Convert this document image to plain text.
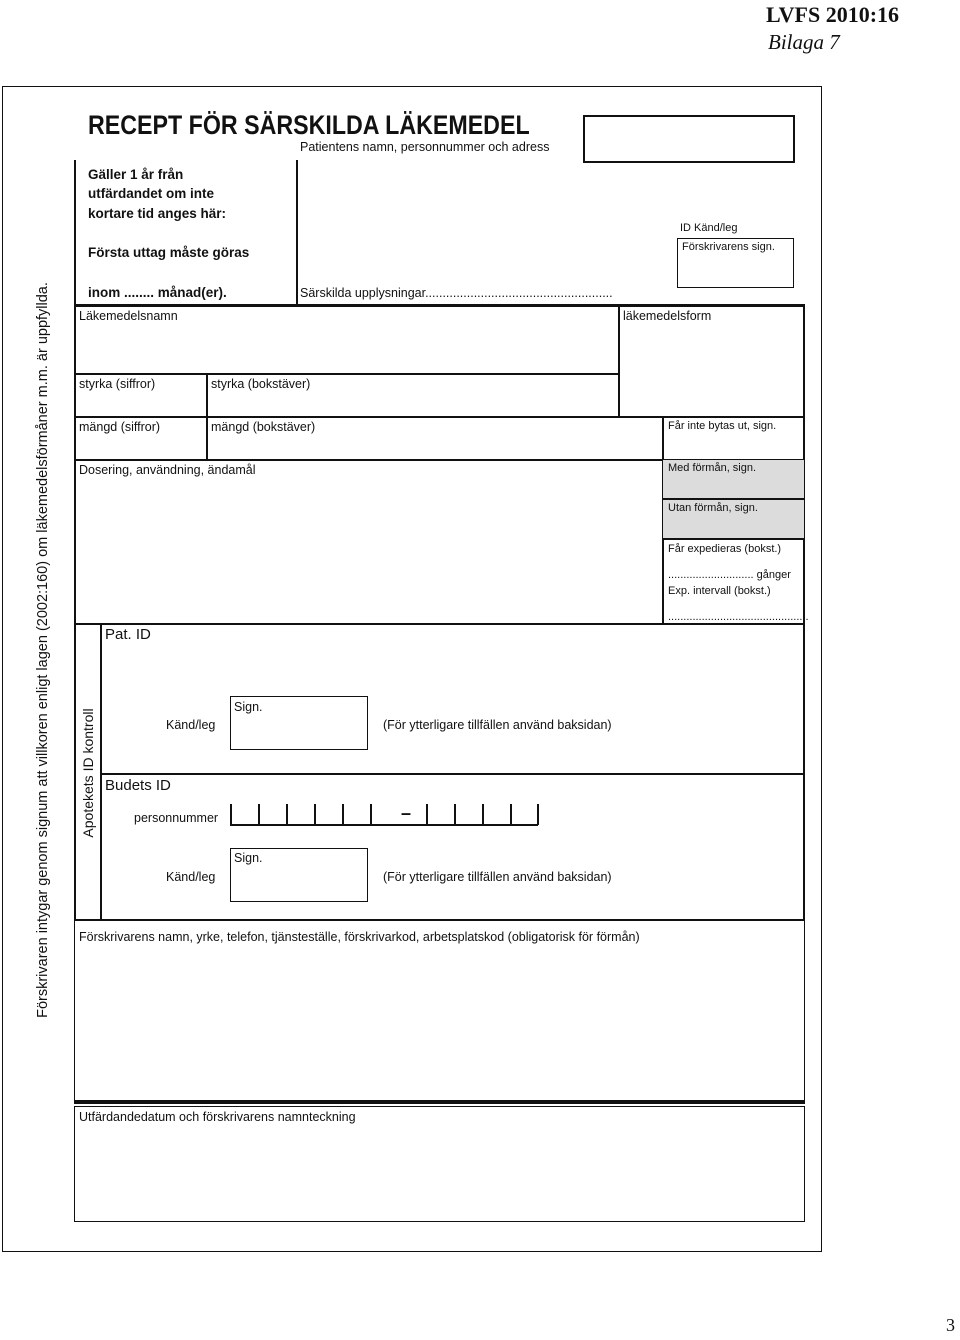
LVFS 2010:16
Bilaga 7
Förskrivaren intygar genom signum att villkoren enligt lagen (2002:160) om läkemedelsförmåner m.m. är uppfyllda.
RECEPT FÖR SÄRSKILDA LÄKEMEDEL
Patientens namn, personnummer och adress
ID Känd/leg
Förskrivarens sign.
Gäller 1 år från
utfärdandet om inte
kortare tid anges här:
Första uttag måste göras
inom ........ månad(er).	Särskilda upplysningar......................................................
Läkemedelsnamn	läkemedelsform
styrka (siffror)	styrka (bokstäver)
mängd (siffror)	mängd (bokstäver)	Får inte bytas ut, sign.
Dosering, användning, ändamål	Med förmån, sign.
Utan förmån, sign.
Får expedieras (bokst.)
............................ gånger
Exp. intervall (bokst.)
..............................................
Apotekets ID kontroll
Pat. ID
Känd/leg
Sign.
(För ytterligare tillfällen använd baksidan)
Budets ID
personnummer	–
Känd/leg
Sign.
(För ytterligare tillfällen använd baksidan)
Förskrivarens namn, yrke, telefon, tjänsteställe, förskrivarkod, arbetsplatskod (obligatorisk för förmån)
Utfärdandedatum och förskrivarens namnteckning
3
